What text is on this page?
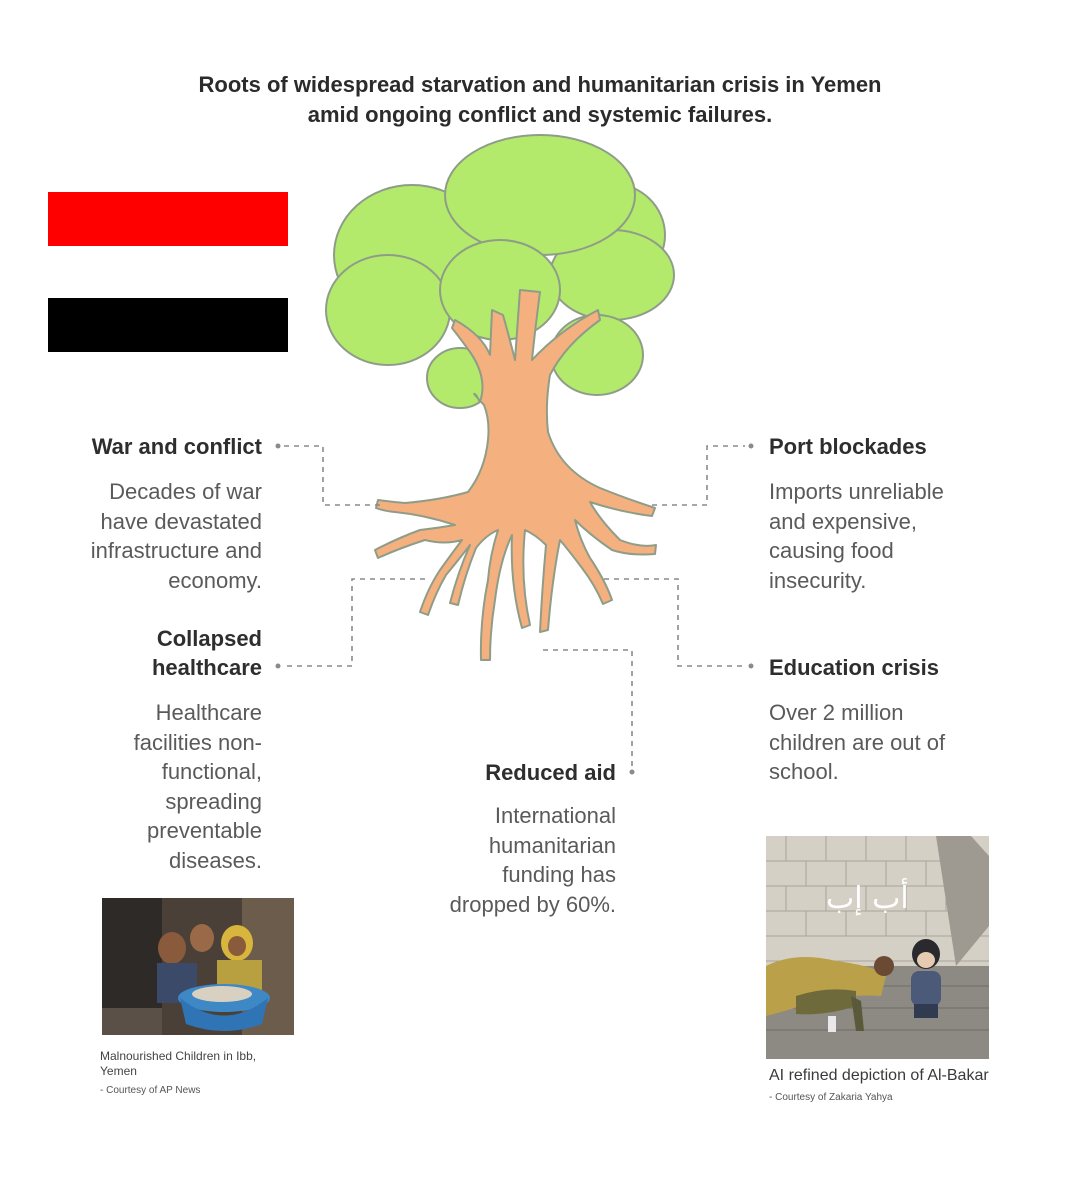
Roots of widespread starvation and humanitarian crisis in Yemen
amid ongoing conflict and systemic failures.
War and conflict
Decades of war
have devastated
infrastructure and
economy.
Collapsed
healthcare
Healthcare
facilities non-
functional,
spreading
preventable
diseases.
Reduced aid
International
humanitarian
funding has
dropped by 60%.
Port blockades
Imports unreliable
and expensive,
causing food
insecurity.
Education crisis
Over 2 million
children are out of
school.
Malnourished Children in Ibb,
Yemen
- Courtesy of AP News
أب إب
AI refined depiction of Al-Bakar
- Courtesy of Zakaria Yahya
